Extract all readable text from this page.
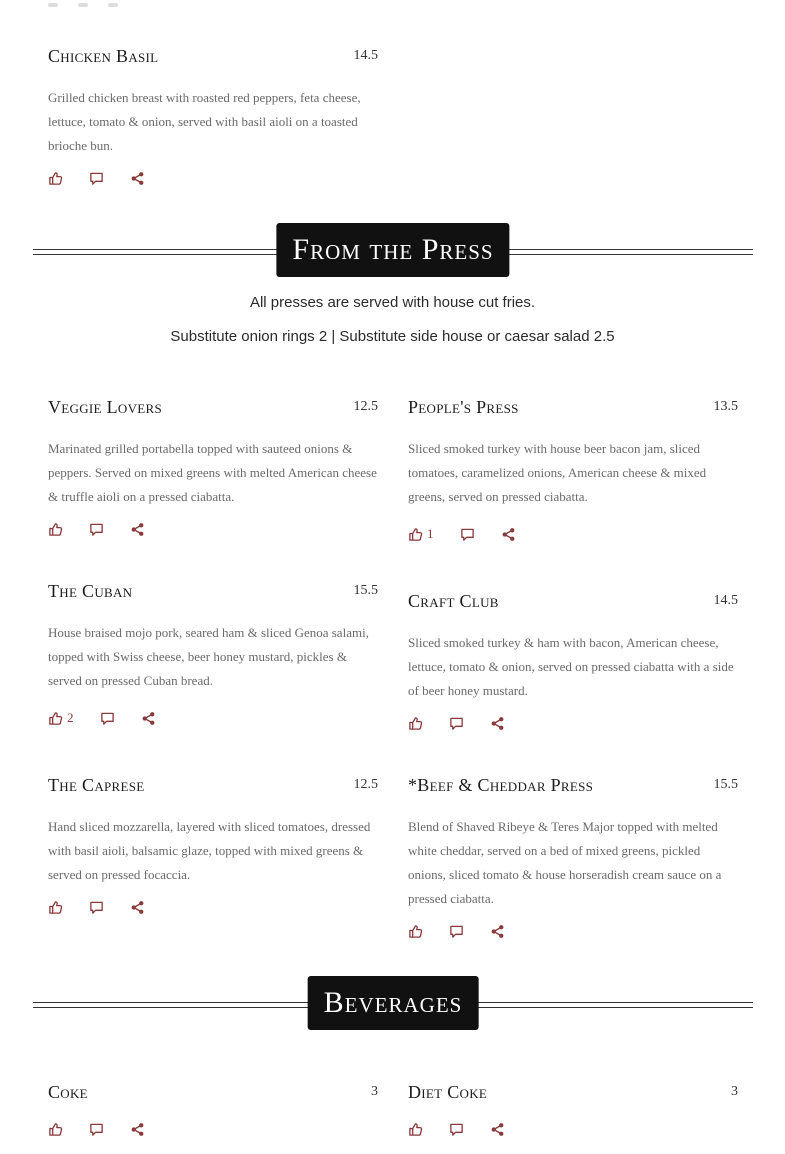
Chicken Basil	14.5
Grilled chicken breast with roasted red peppers, feta cheese, lettuce, tomato & onion, served with basil aioli on a toasted brioche bun.
From the Press
All presses are served with house cut fries.
Substitute onion rings 2 | Substitute side house or caesar salad 2.5
Veggie Lovers	12.5
Marinated grilled portabella topped with sauteed onions & peppers. Served on mixed greens with melted American cheese & truffle aioli on a pressed ciabatta.
People's Press	13.5
Sliced smoked turkey with house beer bacon jam, sliced tomatoes, caramelized onions, American cheese & mixed greens, served on pressed ciabatta.
1
The Cuban	15.5
House braised mojo pork, seared ham & sliced Genoa salami, topped with Swiss cheese, beer honey mustard, pickles & served on pressed Cuban bread.
2
Craft Club	14.5
Sliced smoked turkey & ham with bacon, American cheese, lettuce, tomato & onion, served on pressed ciabatta with a side of beer honey mustard.
The Caprese	12.5
Hand sliced mozzarella, layered with sliced tomatoes, dressed with basil aioli, balsamic glaze, topped with mixed greens & served on pressed focaccia.
*Beef & Cheddar Press	15.5
Blend of Shaved Ribeye & Teres Major topped with melted white cheddar, served on a bed of mixed greens, pickled onions, sliced tomato & house horseradish cream sauce on a pressed ciabatta.
Beverages
Coke	3 Diet Coke	3
